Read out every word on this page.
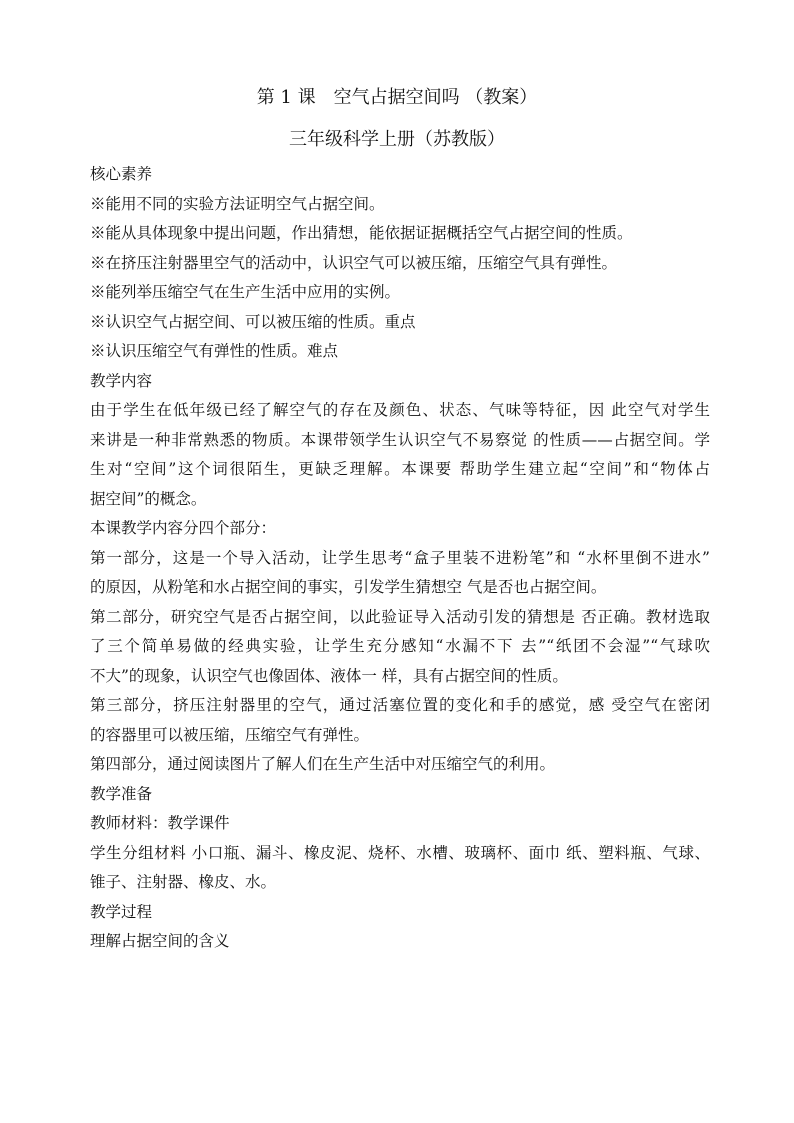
第 1 课　空气占据空间吗 （教案）
三年级科学上册（苏教版）
核心素养
※能用不同的实验方法证明空气占据空间。
※能从具体现象中提出问题，作出猜想，能依据证据概括空气占据空间的性质。
※在挤压注射器里空气的活动中，认识空气可以被压缩，压缩空气具有弹性。
※能列举压缩空气在生产生活中应用的实例。
※认识空气占据空间、可以被压缩的性质。重点
※认识压缩空气有弹性的性质。难点
教学内容
由于学生在低年级已经了解空气的存在及颜色、状态、气味等特征，因 此空气对学生
来讲是一种非常熟悉的物质。本课带领学生认识空气不易察觉 的性质——占据空间。学
生对“空间”这个词很陌生，更缺乏理解。本课要 帮助学生建立起“空间”和“物体占
据空间”的概念。
本课教学内容分四个部分：
第一部分，这是一个导入活动，让学生思考“盒子里装不进粉笔”和 “水杯里倒不进水”
的原因，从粉笔和水占据空间的事实，引发学生猜想空 气是否也占据空间。
第二部分，研究空气是否占据空间，以此验证导入活动引发的猜想是 否正确。教材选取
了三个简单易做的经典实验，让学生充分感知“水漏不下 去”“纸团不会湿”“气球吹
不大”的现象，认识空气也像固体、液体一 样，具有占据空间的性质。
第三部分，挤压注射器里的空气，通过活塞位置的变化和手的感觉，感 受空气在密闭
的容器里可以被压缩，压缩空气有弹性。
第四部分，通过阅读图片了解人们在生产生活中对压缩空气的利用。
教学准备
教师材料：教学课件
学生分组材料 小口瓶、漏斗、橡皮泥、烧杯、水槽、玻璃杯、面巾 纸、塑料瓶、气球、
锥子、注射器、橡皮、水。
教学过程
理解占据空间的含义
